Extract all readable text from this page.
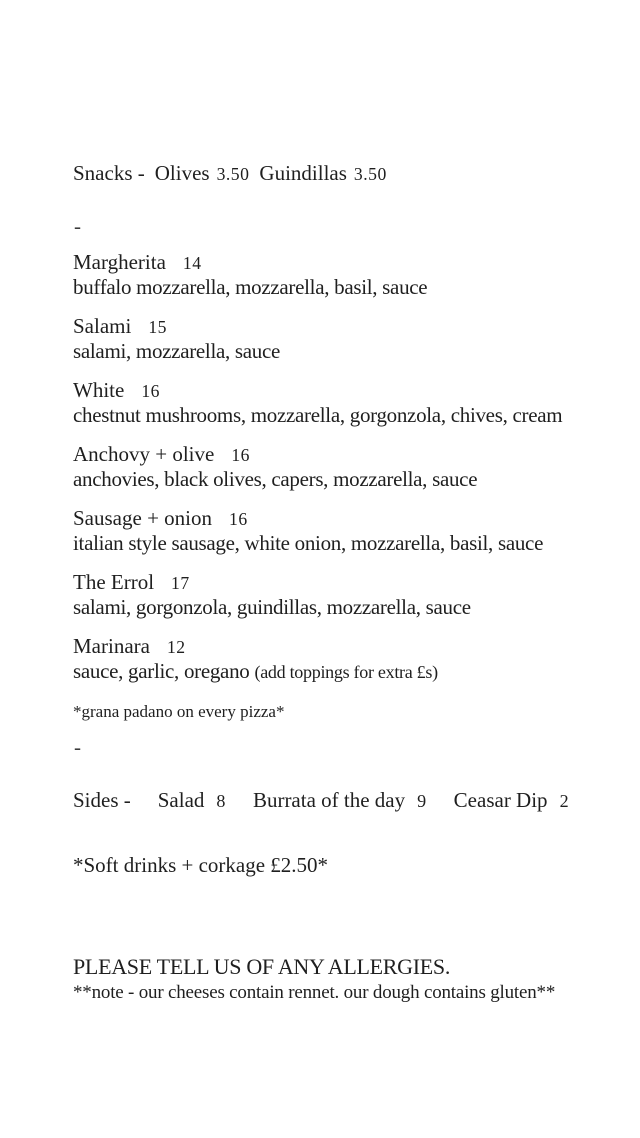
Snacks - Olives 3.50 Guindillas 3.50
-
Margherita 14
buffalo mozzarella, mozzarella, basil, sauce
Salami 15
salami, mozzarella, sauce
White 16
chestnut mushrooms, mozzarella, gorgonzola, chives, cream
Anchovy + olive 16
anchovies, black olives, capers, mozzarella, sauce
Sausage + onion 16
italian style sausage, white onion, mozzarella, basil, sauce
The Errol 17
salami, gorgonzola, guindillas, mozzarella, sauce
Marinara 12
sauce, garlic, oregano (add toppings for extra £s)
*grana padano on every pizza*
-
Sides - Salad 8 Burrata of the day 9 Ceasar Dip 2
*Soft drinks + corkage £2.50*
PLEASE TELL US OF ANY ALLERGIES.
**note - our cheeses contain rennet. our dough contains gluten**
